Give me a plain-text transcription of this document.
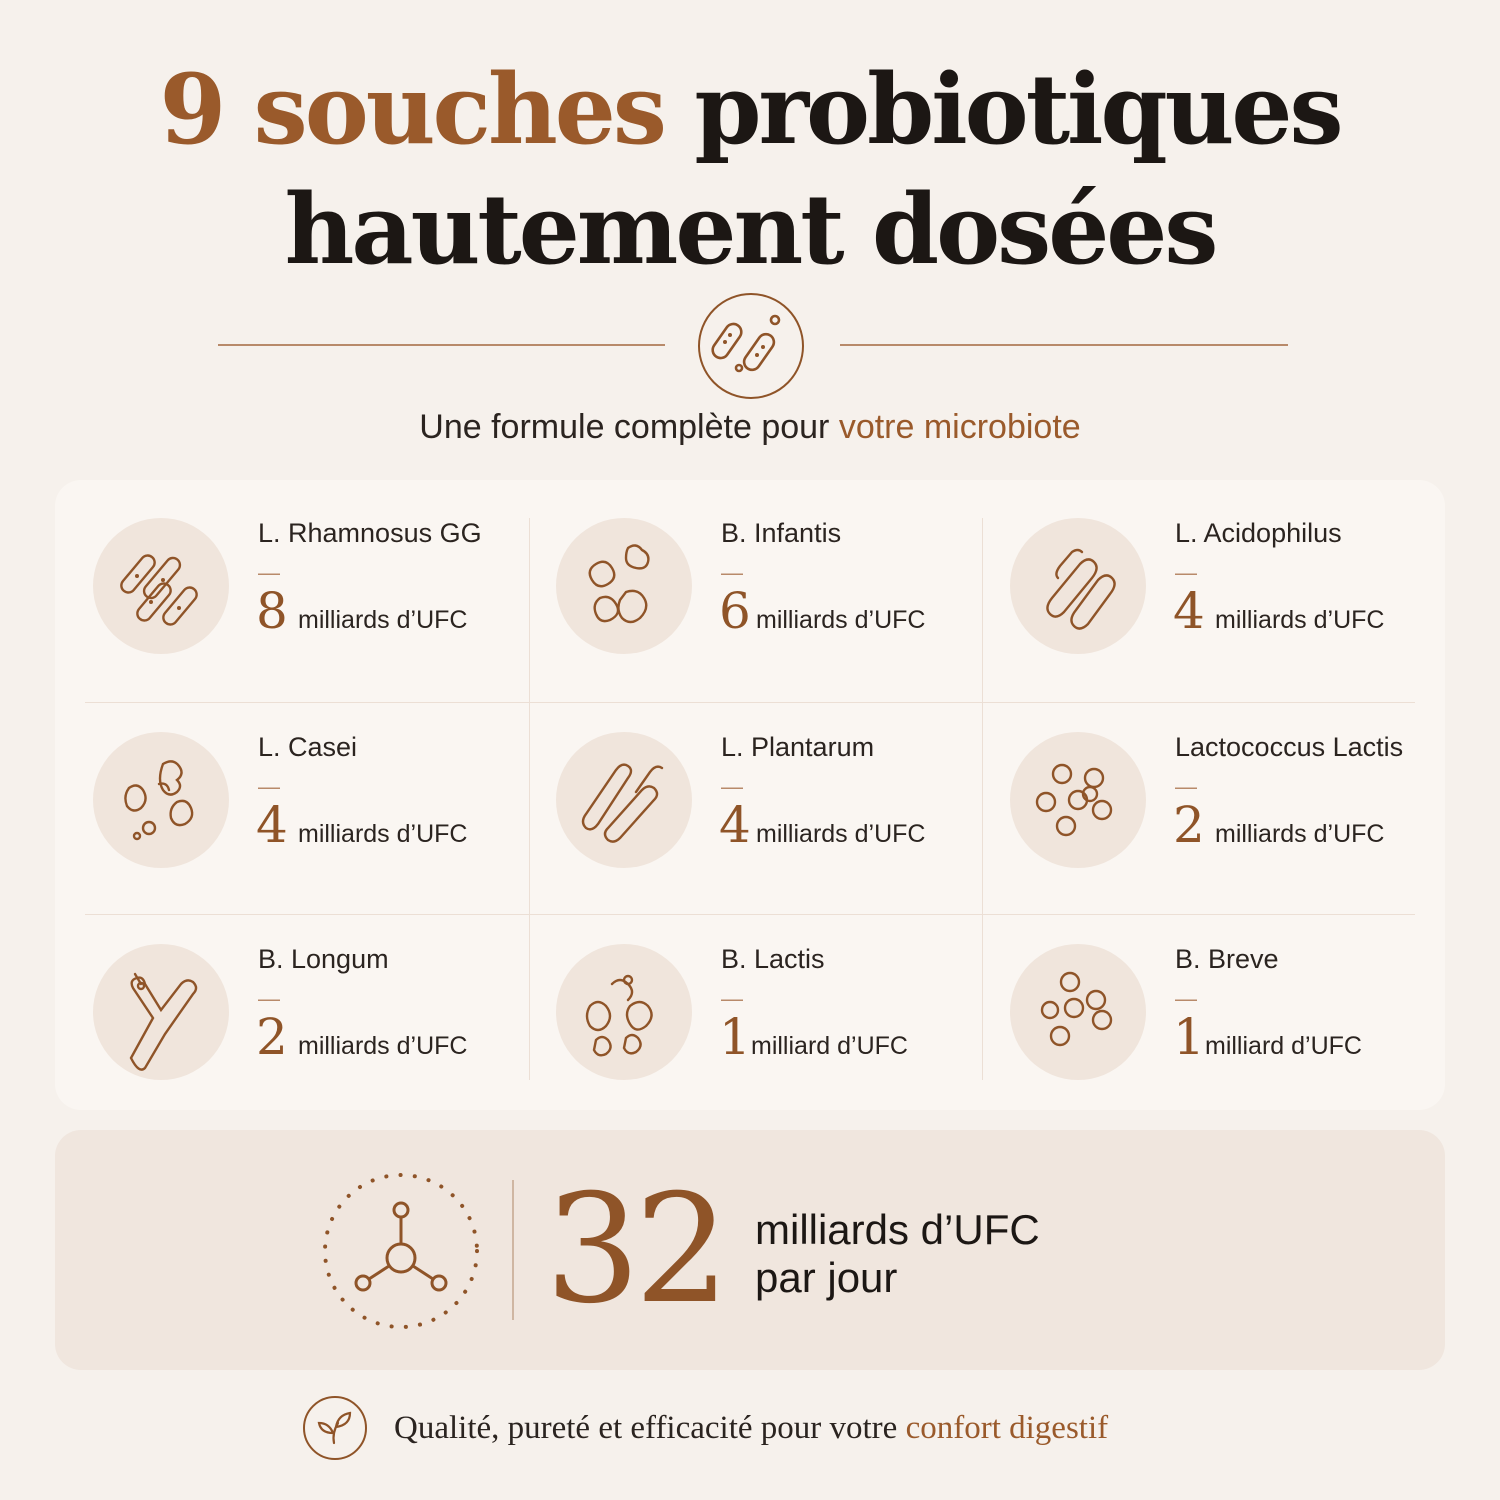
9 souches probiotiques
hautement dosées
Une formule complète pour votre microbiote
L. Rhamnosus GG
—
8 milliards d’UFC
B. Infantis
—
6 milliards d’UFC
L. Acidophilus
—
4 milliards d’UFC
L. Casei
—
4 milliards d’UFC
L. Plantarum
—
4 milliards d’UFC
Lactococcus Lactis
—
2 milliards d’UFC
B. Longum
—
2 milliards d’UFC
B. Lactis
—
1 milliard d’UFC
B. Breve
—
1 milliard d’UFC
32 milliards d’UFC
par jour
Qualité, pureté et efficacité pour votre confort digestif
